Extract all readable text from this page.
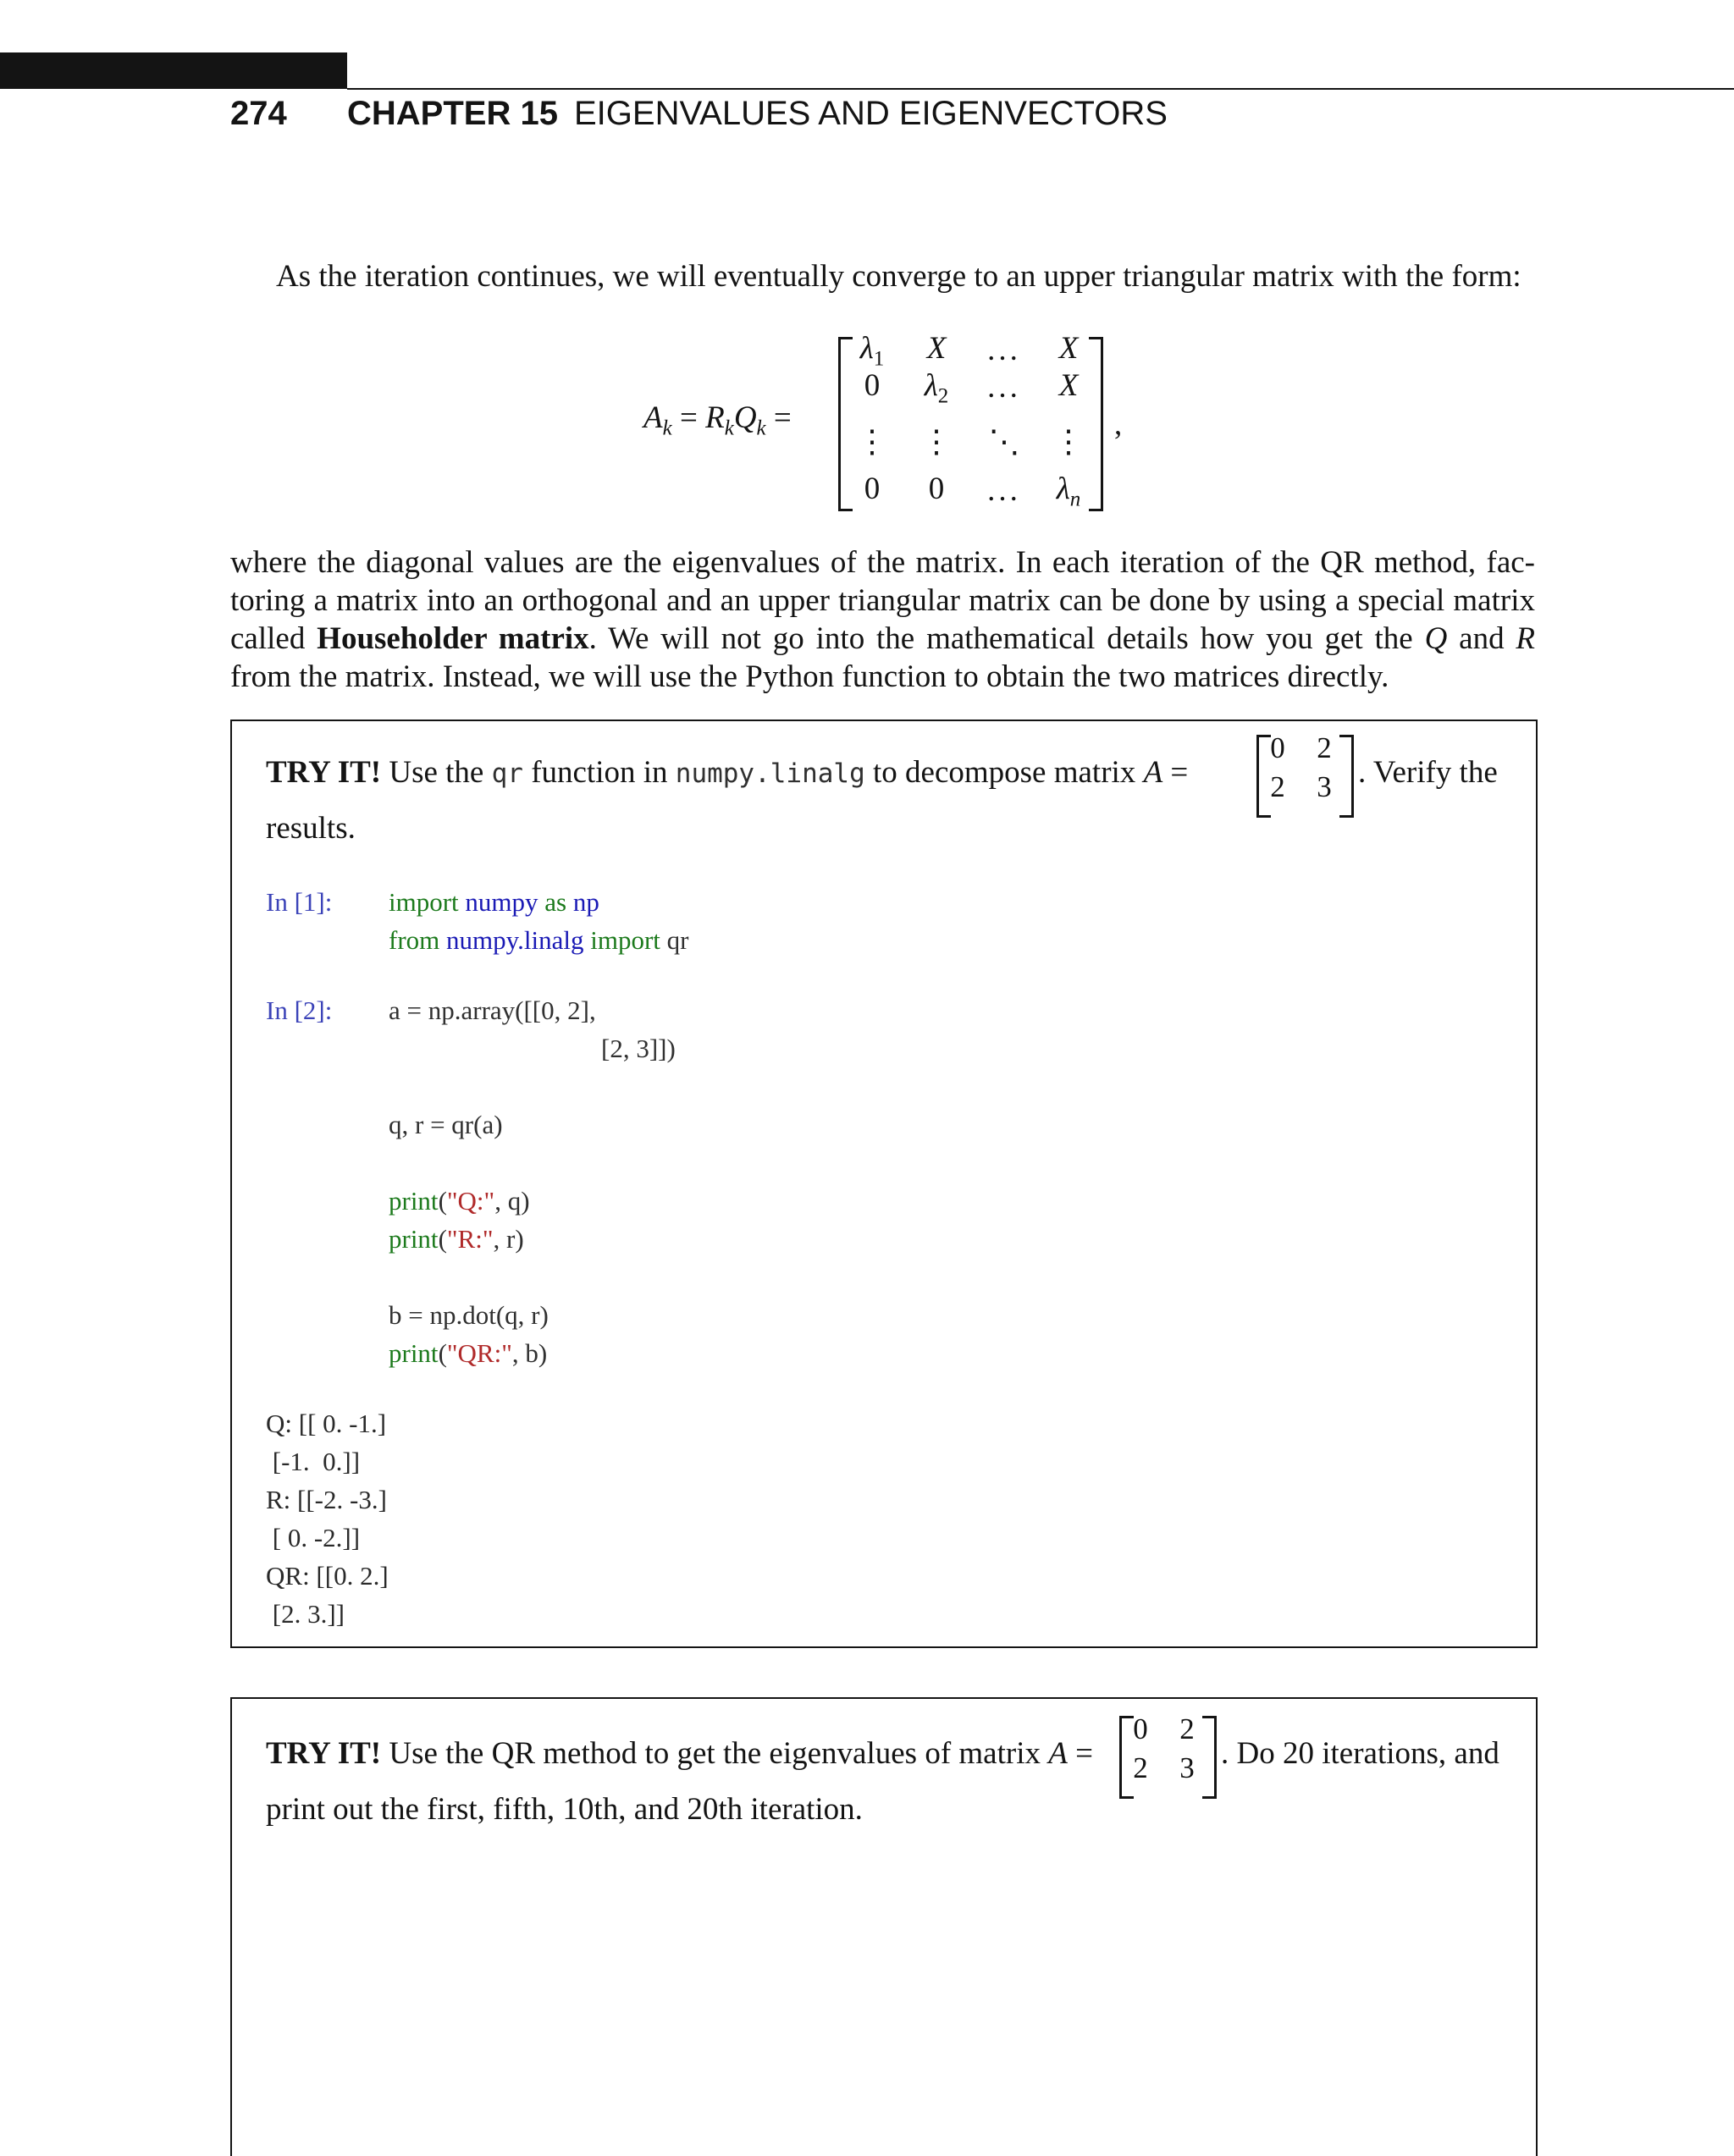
274 CHAPTER 15 EIGENVALUES AND EIGENVECTORS
As the iteration continues, we will eventually converge to an upper triangular matrix with the form:
$A_k = R_kQ_k$ =
$\lambda_1$	X	...	X
0	$\lambda_2$	...	X
⋮	⋮	⋱	⋮
0	0	...	$\lambda_n$
,
where the diagonal values are the eigenvalues of the matrix. In each iteration of the QR method, fac-
toring a matrix into an orthogonal and an upper triangular matrix can be done by using a special matrix
called Householder matrix. We will not go into the mathematical details how you get the Q and R
from the matrix. Instead, we will use the Python function to obtain the two matrices directly.
TRY IT! Use the qr function in numpy.linalg to decompose matrix A =
0	2
2	3 . Verify the
results.
In [1]: import numpy as np
from numpy.linalg import qr
In [2]: a = np.array([[0, 2],
[2, 3]])
q, r = qr(a)
print("Q:", q)
print("R:", r)
b = np.dot(q, r)
print("QR:", b)
Q: [[ 0. -1.]
[-1.  0.]]
R: [[-2. -3.]
[ 0. -2.]]
QR: [[0. 2.]
[2. 3.]]
TRY IT! Use the QR method to get the eigenvalues of matrix A =
0	2
2	3 . Do 20 iterations, and
print out the first, fifth, 10th, and 20th iteration.
